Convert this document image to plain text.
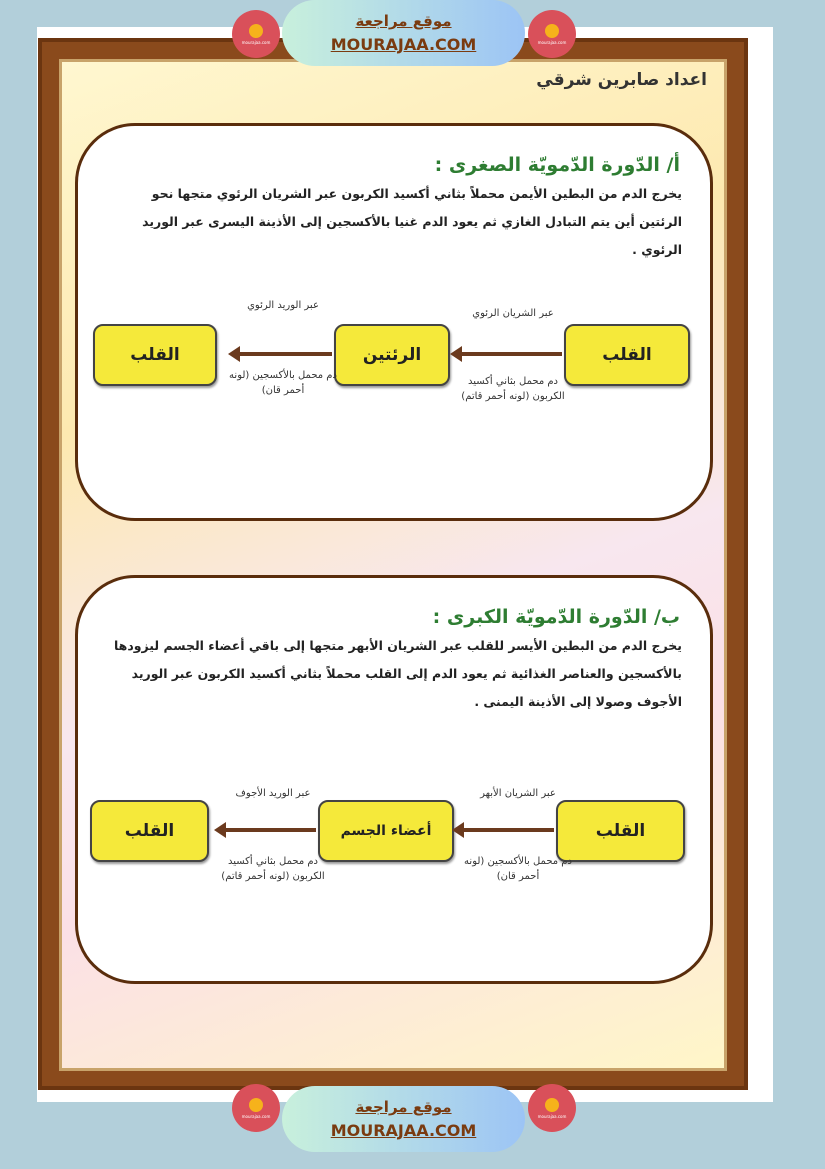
اعداد صابرين شرقي
أ/ الدّورة الدّمويّة الصغرى :
يخرج الدم من البطين الأيمن محملاً بثاني أكسيد الكربون عبر الشريان الرئوي متجها نحو الرئتين أين يتم التبادل الغازي ثم يعود الدم غنيا بالأكسجين إلى الأذينة اليسرى عبر الوريد الرئوي .
القلب	الرئتين	القلب
عبر الشريان الرئوي
دم محمل بثاني أكسيد الكربون (لونه أحمر قاتم)
عبر الوريد الرئوي
دم محمل بالأكسجين (لونه أحمر قان)
ب/ الدّورة الدّمويّة الكبرى :
يخرج الدم من البطين الأيسر للقلب عبر الشريان الأبهر متجها إلى باقي أعضاء الجسم ليزودها بالأكسجين والعناصر الغذائية ثم يعود الدم إلى القلب محملاً بثاني أكسيد الكربون عبر الوريد الأجوف وصولا إلى الأذينة اليمنى .
القلب	أعضاء الجسم	القلب
عبر الشريان الأبهر
دم محمل بالأكسجين (لونه أحمر قان)
عبر الوريد الأجوف
دم محمل بثاني أكسيد الكربون (لونه أحمر قاتم)
mourajaa.com	mourajaa.com
موقع مراجعة
MOURAJAA.COM
mourajaa.com	mourajaa.com
موقع مراجعة
MOURAJAA.COM
